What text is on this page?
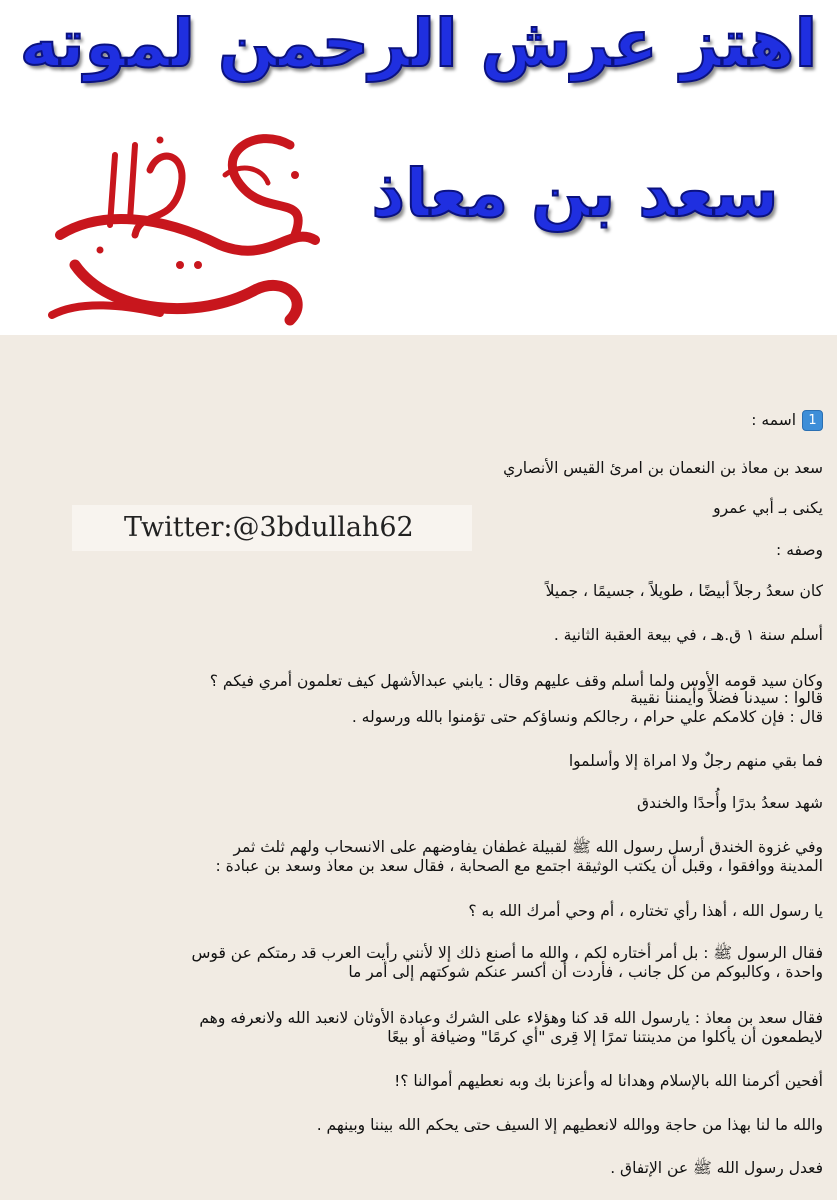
اهتز عرش الرحمن لموته
سعد بن معاذ
Twitter:@3bdullah62
1اسمه :
سعد بن معاذ بن النعمان بن امرئ القيس الأنصاري
يكنى بـ أبي عمرو
وصفه :
كان سعدُ رجلاً أبيضًا ، طويلاً ، جسيمًا ، جميلاً
أسلم سنة ١ ق.هـ ، في بيعة العقبة الثانية .
وكان سيد قومه الأوس ولما أسلم وقف عليهم وقال : يابني عبدالأشهل كيف تعلمون أمري فيكم ؟
قالوا : سيدنا فضلاً وأيمننا نقيبة
قال : فإن كلامكم علي حرام ، رجالكم ونساؤكم حتى تؤمنوا بالله ورسوله .
فما بقي منهم رجلٌ ولا امراة إلا وأسلموا
شهد سعدُ بدرًا وأُحدًا والخندق
وفي غزوة الخندق أرسل رسول الله ﷺ لقبيلة غطفان يفاوضهم على الانسحاب ولهم ثلث ثمر
المدينة ووافقوا ، وقبل أن يكتب الوثيقة اجتمع مع الصحابة ، فقال سعد بن معاذ وسعد بن عبادة :
يا رسول الله ، أهذا رأي تختاره ، أم وحي أمرك الله به ؟
فقال الرسول ﷺ : بل أمر أختاره لكم ، والله ما أصنع ذلك إلا لأنني رأيت العرب قد رمتكم عن قوس
واحدة ، وكالبوكم من كل جانب ، فأردت أن أكسر عنكم شوكتهم إلى أمر ما
فقال سعد بن معاذ : يارسول الله قد كنا وهؤلاء على الشرك وعبادة الأوثان لانعبد الله ولانعرفه وهم
لايطمعون أن يأكلوا من مدينتنا تمرًا إلا قِرى "أي كرمًا" وضيافة أو بيعًا
أفحين أكرمنا الله بالإسلام وهدانا له وأعزنا بك وبه نعطيهم أموالنا ؟!
والله ما لنا بهذا من حاجة ووالله لانعطيهم إلا السيف حتى يحكم الله بيننا وبينهم .
فعدل رسول الله ﷺ عن الإتفاق .
